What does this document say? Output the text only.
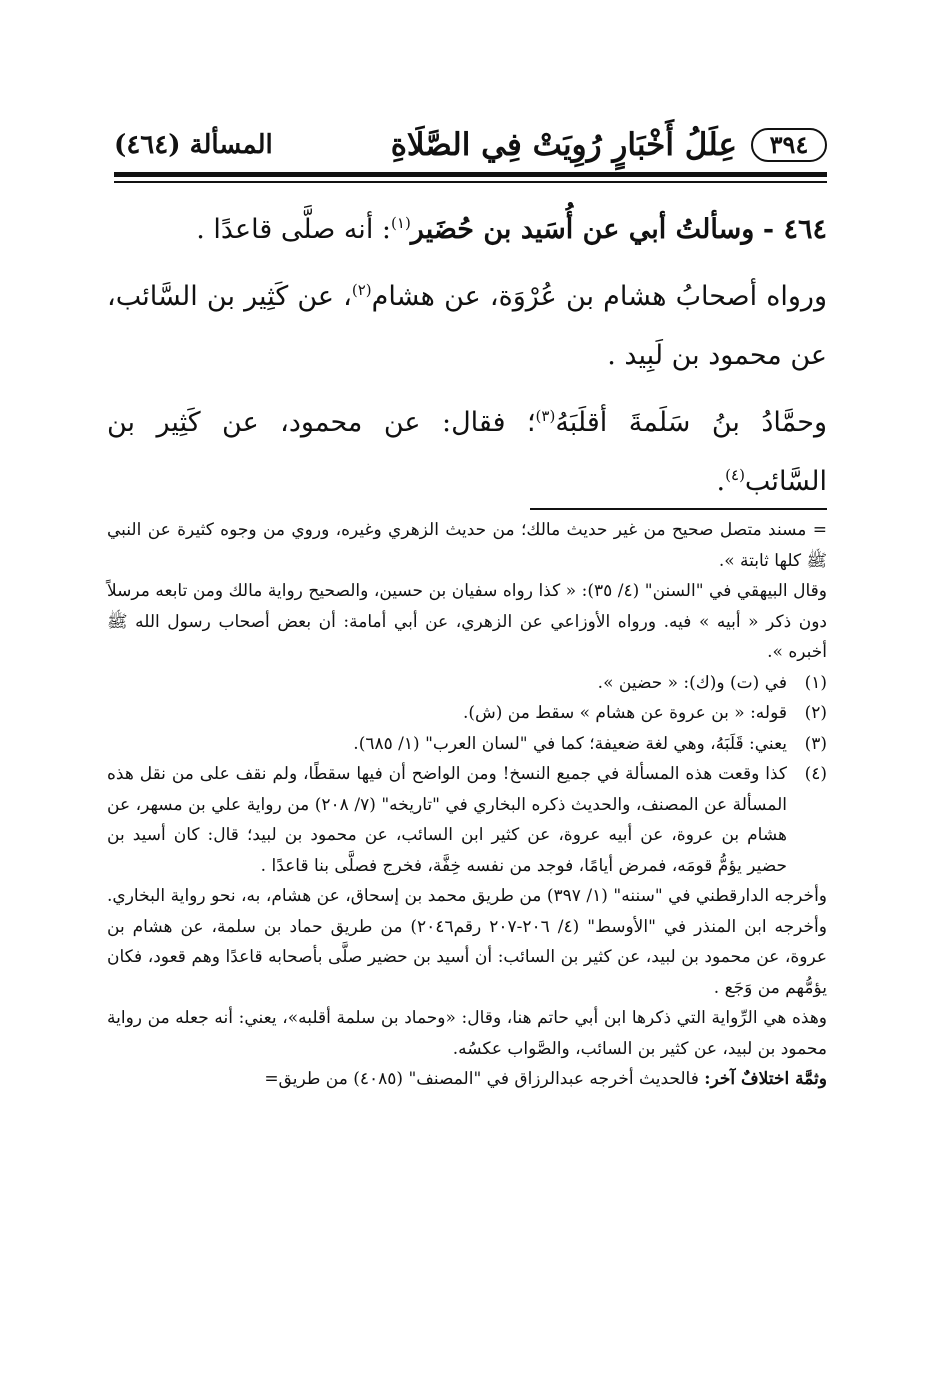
٣٩٤
عِلَلُ أَخْبَارٍ رُوِيَتْ فِي الصَّلَاةِ
المسألة (٤٦٤)

٤٦٤ - وسألتُ أبي عن أُسَيد بن حُضَير$^{(١)}$: أنه صلَّى قاعدًا .

ورواه أصحابُ هشام بن عُرْوَة، عن هشام$^{(٢)}$، عن كَثِير بن السَّائب، عن محمود بن لَبِيد .

وحمَّادُ بنُ سَلَمةَ أقلَبَهُ$^{(٣)}$؛ فقال: عن محمود، عن كَثِير بن السَّائب$^{(٤)}$.

= مسند متصل صحيح من غير حديث مالك؛ من حديث الزهري وغيره، وروي من وجوه كثيرة عن النبي ﷺ كلها ثابتة ».

وقال البيهقي في "السنن" (٤/ ٣٥): « كذا رواه سفيان بن حسين، والصحيح رواية مالك ومن تابعه مرسلاً دون ذكر « أبيه » فيه. ورواه الأوزاعي عن الزهري، عن أبي أمامة: أن بعض أصحاب رسول الله ﷺ أخبره ».

(١)
في (ت) و(ك): « حضين ».

(٢)
قوله: « بن عروة عن هشام » سقط من (ش).

(٣)
يعني: قَلَبَهُ، وهي لغة ضعيفة؛ كما في "لسان العرب" (١/ ٦٨٥).

(٤)
كذا وقعت هذه المسألة في جميع النسخ! ومن الواضح أن فيها سقطًا، ولم نقف على من نقل هذه المسألة عن المصنف، والحديث ذكره البخاري في "تاريخه" (٧/ ٢٠٨) من رواية علي بن مسهر، عن هشام بن عروة، عن أبيه عروة، عن كثير ابن السائب، عن محمود بن لبيد؛ قال: كان أسيد بن حضير يؤمُّ قومَه، فمرض أيامًا، فوجد من نفسه خِفَّة، فخرج فصلَّى بنا قاعدًا .

وأخرجه الدارقطني في "سننه" (١/ ٣٩٧) من طريق محمد بن إسحاق، عن هشام، به، نحو رواية البخاري. وأخرجه ابن المنذر في "الأوسط" (٤/ ٢٠٦-٢٠٧ رقم٢٠٤٦) من طريق حماد بن سلمة، عن هشام بن عروة، عن محمود بن لبيد، عن كثير بن السائب: أن أسيد بن حضير صلَّى بأصحابه قاعدًا وهم قعود، فكان يؤمُّهم من وَجَع .

وهذه هي الرِّواية التي ذكرها ابن أبي حاتم هنا، وقال: «وحماد بن سلمة أقلبه»، يعني: أنه جعله من رواية محمود بن لبيد، عن كثير بن السائب، والصَّواب عكسُه.

وثمَّة اختلافٌ آخر: فالحديث أخرجه عبدالرزاق في "المصنف" (٤٠٨٥) من طريق=
